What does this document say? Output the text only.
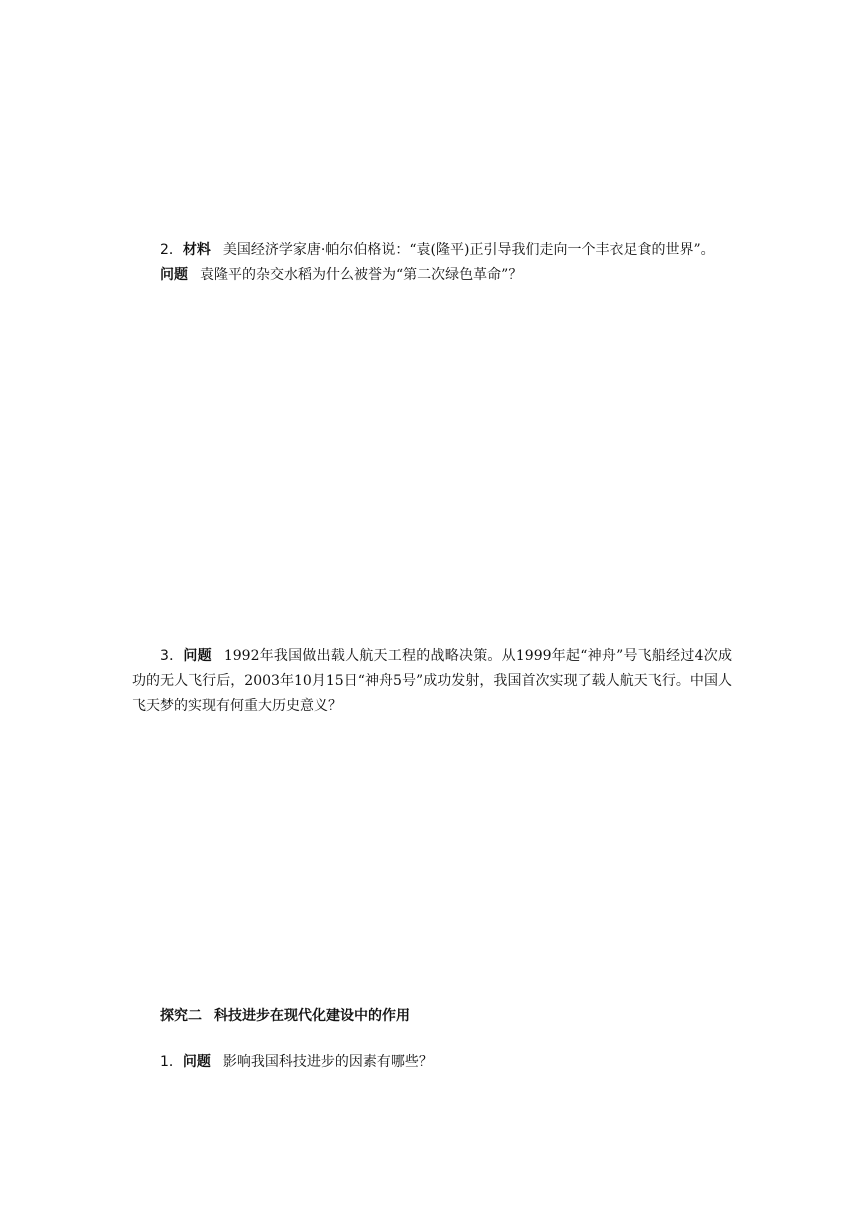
2．材料 美国经济学家唐·帕尔伯格说：“袁(隆平)正引导我们走向一个丰衣足食的世界”。

问题 袁隆平的杂交水稻为什么被誉为“第二次绿色革命”？

3．问题 1992年我国做出载人航天工程的战略决策。从1999年起“神舟”号飞船经过4次成功的无人飞行后，2003年10月15日“神舟5号”成功发射，我国首次实现了载人航天飞行。中国人飞天梦的实现有何重大历史意义？

探究二 科技进步在现代化建设中的作用

1．问题 影响我国科技进步的因素有哪些？
